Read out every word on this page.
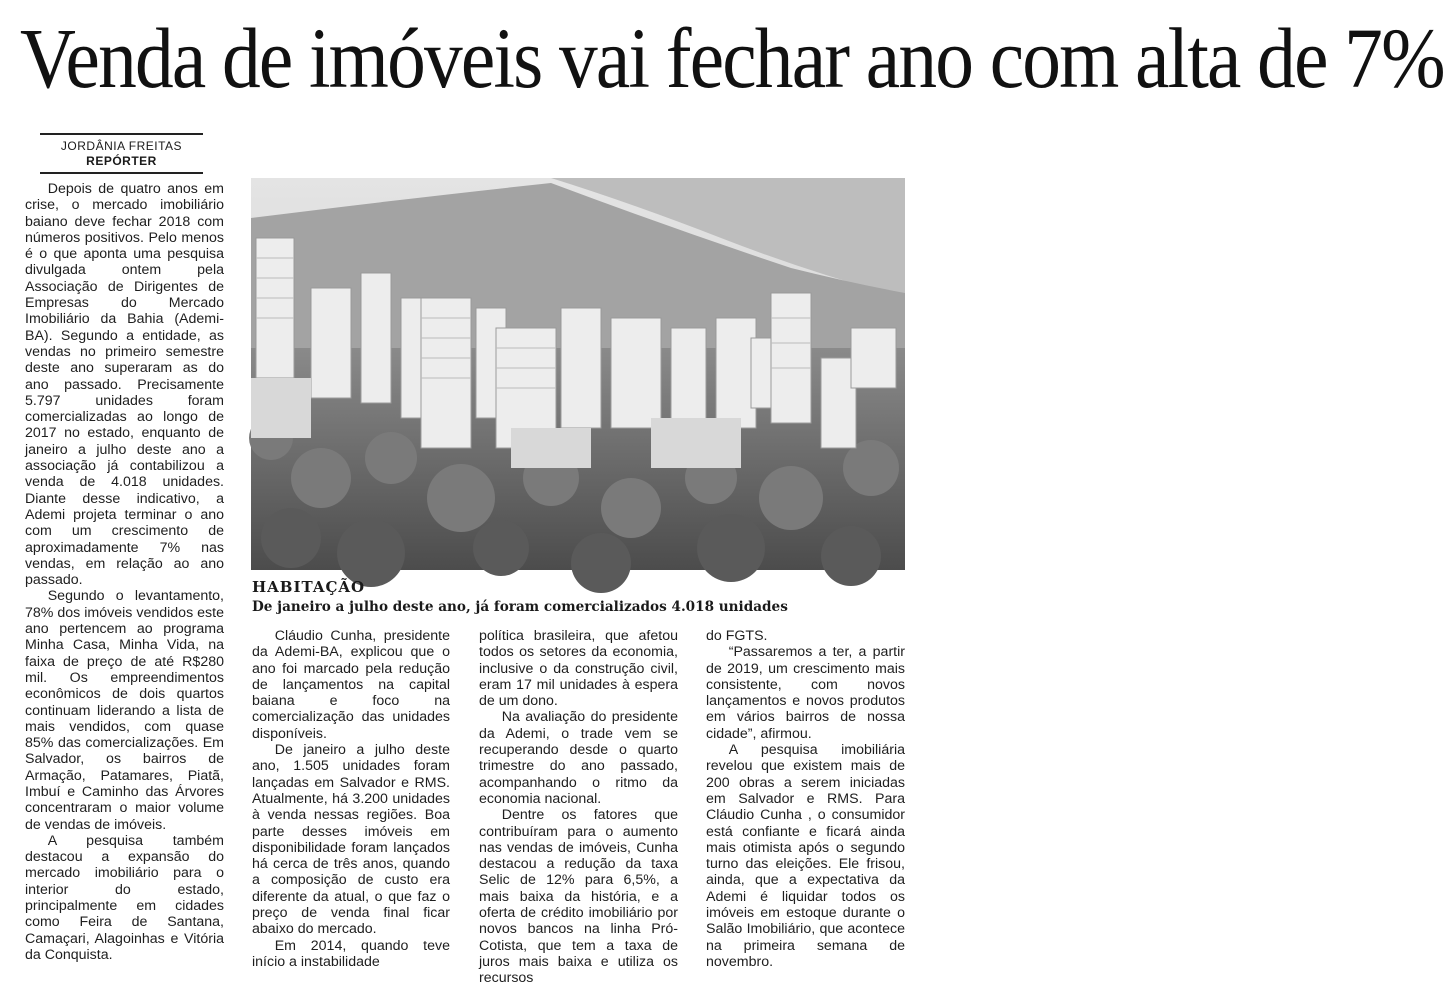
Venda de imóveis vai fechar ano com alta de 7%
JORDÂNIA FREITAS
REPÓRTER

Depois de quatro anos em crise, o mercado imobiliário baiano deve fechar 2018 com números positivos. Pelo menos é o que aponta uma pesquisa divulgada ontem pela Associação de Dirigentes de Empresas do Mercado Imobiliário da Bahia (Ademi-BA). Segundo a entidade, as vendas no primeiro semestre deste ano superaram as do ano passado. Precisamente 5.797 unidades foram comercializadas ao longo de 2017 no estado, enquanto de janeiro a julho deste ano a associação já contabilizou a venda de 4.018 unidades. Diante desse indicativo, a Ademi projeta terminar o ano com um crescimento de aproximadamente 7% nas vendas, em relação ao ano passado.

Segundo o levantamento, 78% dos imóveis vendidos este ano pertencem ao programa Minha Casa, Minha Vida, na faixa de preço de até R$280 mil. Os empreendimentos econômicos de dois quartos continuam liderando a lista de mais vendidos, com quase 85% das comercializações. Em Salvador, os bairros de Armação, Patamares, Piatã, Imbuí e Caminho das Árvores concentraram o maior volume de vendas de imóveis.

A pesquisa também destacou a expansão do mercado imobiliário para o interior do estado, principalmente em cidades como Feira de Santana, Camaçari, Alagoinhas e Vitória da Conquista.

HABITAÇÃO
De janeiro a julho deste ano, já foram comercializados 4.018 unidades

Cláudio Cunha, presidente da Ademi-BA, explicou que o ano foi marcado pela redução de lançamentos na capital baiana e foco na comercialização das unidades disponíveis.

De janeiro a julho deste ano, 1.505 unidades foram lançadas em Salvador e RMS. Atualmente, há 3.200 unidades à venda nessas regiões. Boa parte desses imóveis em disponibilidade foram lançados há cerca de três anos, quando a composição de custo era diferente da atual, o que faz o preço de venda final ficar abaixo do mercado.

Em 2014, quando teve início a instabilidade

política brasileira, que afetou todos os setores da economia, inclusive o da construção civil, eram 17 mil unidades à espera de um dono.

Na avaliação do presidente da Ademi, o trade vem se recuperando desde o quarto trimestre do ano passado, acompanhando o ritmo da economia nacional.

Dentre os fatores que contribuíram para o aumento nas vendas de imóveis, Cunha destacou a redução da taxa Selic de 12% para 6,5%, a mais baixa da história, e a oferta de crédito imobiliário por novos bancos na linha Pró-Cotista, que tem a taxa de juros mais baixa e utiliza os recursos

do FGTS.

“Passaremos a ter, a partir de 2019, um crescimento mais consistente, com novos lançamentos e novos produtos em vários bairros de nossa cidade”, afirmou.

A pesquisa imobiliária revelou que existem mais de 200 obras a serem iniciadas em Salvador e RMS. Para Cláudio Cunha , o consumidor está confiante e ficará ainda mais otimista após o segundo turno das eleições. Ele frisou, ainda, que a expectativa da Ademi é liquidar todos os imóveis em estoque durante o Salão Imobiliário, que acontece na primeira semana de novembro.
